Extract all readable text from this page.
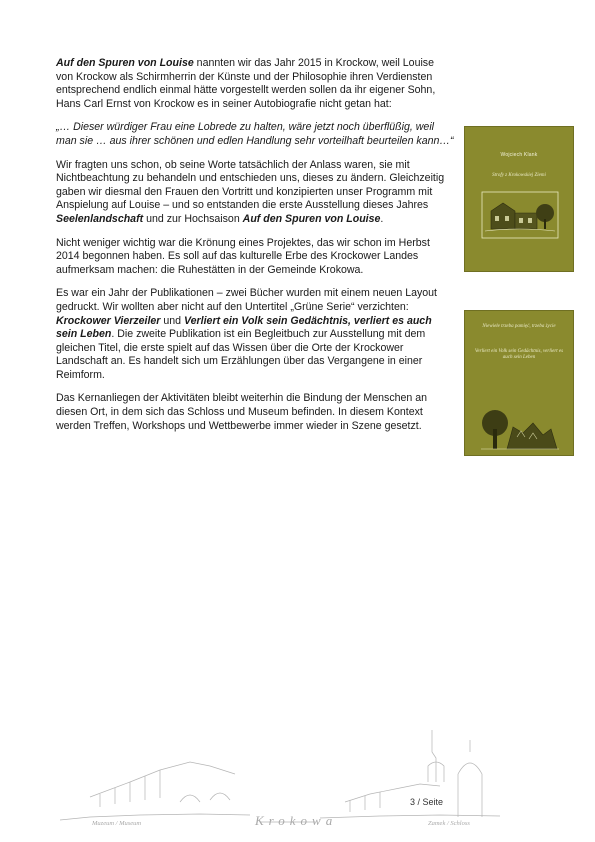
Auf den Spuren von Louise nannten wir das Jahr 2015 in Krockow, weil Louise von Krockow als Schirmherrin der Künste und der Philosophie ihren Verdiensten entsprechend endlich einmal hätte vorgestellt werden sollen da ihr eigener Sohn, Hans Carl Ernst von Krockow es in seiner Autobiografie nicht getan hat:

„… Dieser würdiger Frau eine Lobrede zu halten, wäre jetzt noch überflüßig, weil man sie … aus ihrer schönen und edlen Handlung sehr vorteilhaft beurteilen kann…“

Wir fragten uns schon, ob seine Worte tatsächlich der Anlass waren, sie mit Nichtbeachtung zu behandeln und entschieden uns, dieses zu ändern. Gleichzeitig gaben wir diesmal den Frauen den Vortritt und konzipierten unser Programm mit Anspielung auf Louise – und so entstanden die erste Ausstellung dieses Jahres Seelenlandschaft und zur Hochsaison Auf den Spuren von Louise.

Nicht weniger wichtig war die Krönung eines Projektes, das wir schon im Herbst 2014 begonnen haben. Es soll auf das kulturelle Erbe des Krockower Landes aufmerksam machen: die Ruhestätten in der Gemeinde Krokowa.

Es war ein Jahr der Publikationen – zwei Bücher wurden mit einem neuen Layout gedruckt. Wir wollten aber nicht auf den Untertitel „Grüne Serie“ verzichten: Krockower Vierzeiler und Verliert ein Volk sein Gedächtnis, verliert es auch sein Leben. Die zweite Publikation ist ein Begleitbuch zur Ausstellung mit dem gleichen Titel, die erste spielt auf das Wissen über die Orte der Krockower Landschaft an. Es handelt sich um Erzählungen über das Vergangene in einer Reimform.

Das Kernanliegen der Aktivitäten bleibt weiterhin die Bindung der Menschen an diesen Ort, in dem sich das Schloss und Museum befinden. In diesem Kontext werden Treffen, Workshops und Wettbewerbe immer wieder in Szene gesetzt.

Wojciech Klank
Strofy z Krokowskiej Ziemi
Niewiele trzeba pamięć, trzeba życie
Verliert ein Volk sein Gedächtnis, verliert es auch sein Leben
3 / Seite
Muzeum / Museum	Krokowa	Zamek / Schloss
